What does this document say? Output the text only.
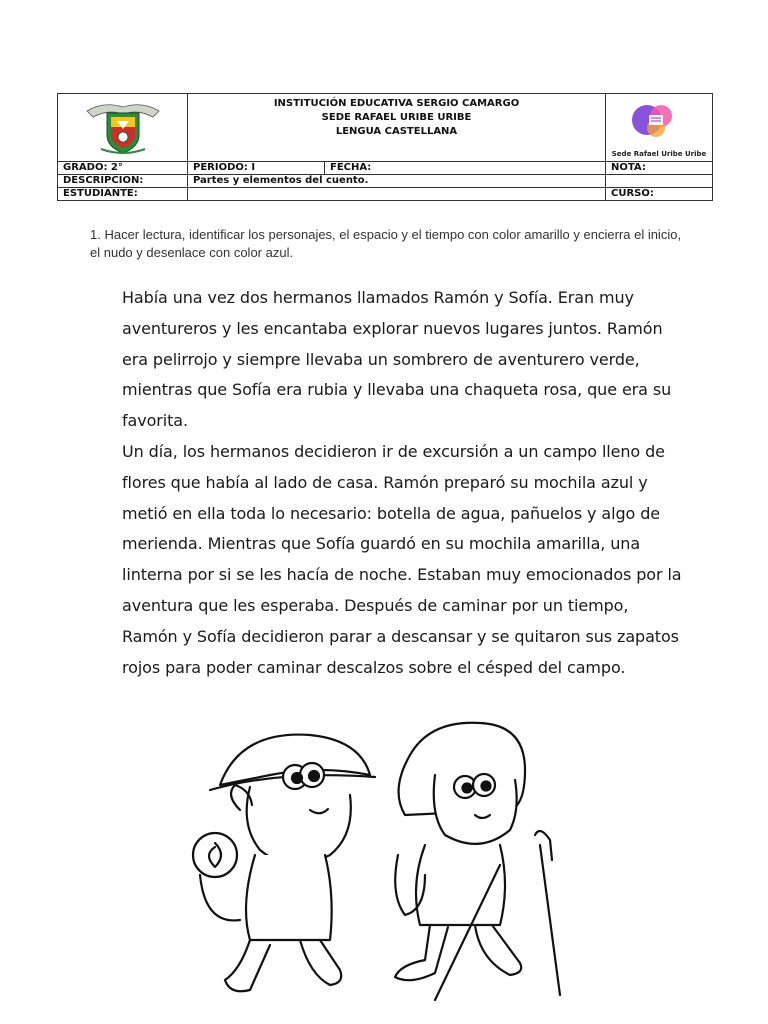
INSTITUCIÓN EDUCATIVA SERGIO CAMARGO
SEDE RAFAEL URIBE URIBE
LENGUA CASTELLANA		Sede Rafael Uribe Uribe

GRADO: 2°	PERIODO: I	FECHA:	NOTA:
DESCRIPCIÓN:	Partes y elementos del cuento.		
ESTUDIANTE:			CURSO:
1. Hacer lectura, identificar los personajes, el espacio y el tiempo con color amarillo y encierra el inicio, el nudo y desenlace con color azul.

Había una vez dos hermanos llamados Ramón y Sofía. Eran muy aventureros y les encantaba explorar nuevos lugares juntos. Ramón era pelirrojo y siempre llevaba un sombrero de aventurero verde, mientras que Sofía era rubia y llevaba una chaqueta rosa, que era su favorita.

Un día, los hermanos decidieron ir de excursión a un campo lleno de flores que había al lado de casa. Ramón preparó su mochila azul y metió en ella toda lo necesario: botella de agua, pañuelos y algo de merienda. Mientras que Sofía guardó en su mochila amarilla, una linterna por si se les hacía de noche. Estaban muy emocionados por la aventura que les esperaba. Después de caminar por un tiempo, Ramón y Sofía decidieron parar a descansar y se quitaron sus zapatos rojos para poder caminar descalzos sobre el césped del campo.
